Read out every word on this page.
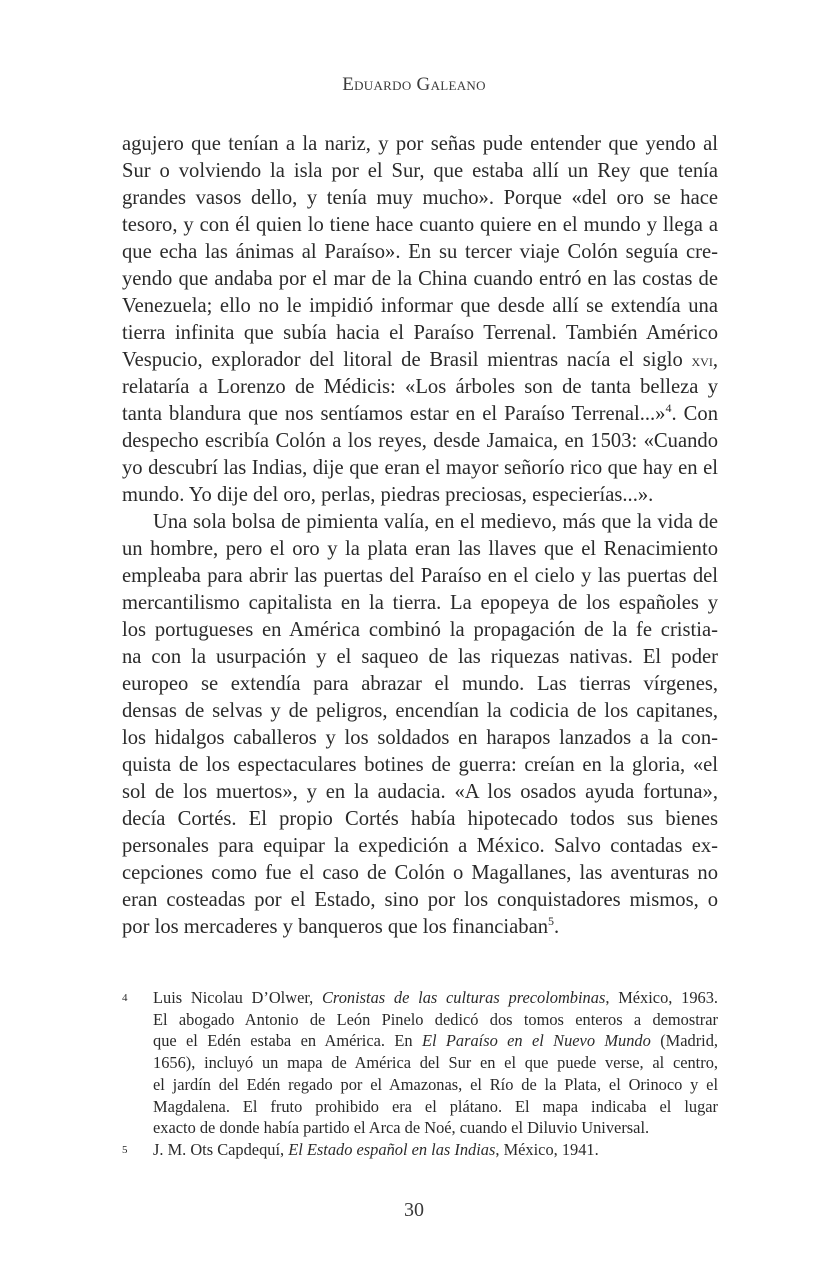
Eduardo Galeano

agujero que tenían a la nariz, y por señas pude entender que yendo al
Sur o volviendo la isla por el Sur, que estaba allí un Rey que tenía
grandes vasos dello, y tenía muy mucho». Porque «del oro se hace
tesoro, y con él quien lo tiene hace cuanto quiere en el mundo y llega a
que echa las ánimas al Paraíso». En su tercer viaje Colón seguía cre-
yendo que andaba por el mar de la China cuando entró en las costas de
Venezuela; ello no le impidió informar que desde allí se extendía una
tierra infinita que subía hacia el Paraíso Terrenal. También Américo
Vespucio, explorador del litoral de Brasil mientras nacía el siglo xvi,
relataría a Lorenzo de Médicis: «Los árboles son de tanta belleza y
tanta blandura que nos sentíamos estar en el Paraíso Terrenal...»$^4$. Con
despecho escribía Colón a los reyes, desde Jamaica, en 1503: «Cuando
yo descubrí las Indias, dije que eran el mayor señorío rico que hay en el
mundo. Yo dije del oro, perlas, piedras preciosas, especierías...».

Una sola bolsa de pimienta valía, en el medievo, más que la vida de
un hombre, pero el oro y la plata eran las llaves que el Renacimiento
empleaba para abrir las puertas del Paraíso en el cielo y las puertas del
mercantilismo capitalista en la tierra. La epopeya de los españoles y
los portugueses en América combinó la propagación de la fe cristia-
na con la usurpación y el saqueo de las riquezas nativas. El poder
europeo se extendía para abrazar el mundo. Las tierras vírgenes,
densas de selvas y de peligros, encendían la codicia de los capitanes,
los hidalgos caballeros y los soldados en harapos lanzados a la con-
quista de los espectaculares botines de guerra: creían en la gloria, «el
sol de los muertos», y en la audacia. «A los osados ayuda fortuna»,
decía Cortés. El propio Cortés había hipotecado todos sus bienes
personales para equipar la expedición a México. Salvo contadas ex-
cepciones como fue el caso de Colón o Magallanes, las aventuras no
eran costeadas por el Estado, sino por los conquistadores mismos, o
por los mercaderes y banqueros que los financiaban$^5$.

4 Luis Nicolau D’Olwer, Cronistas de las culturas precolombinas, México, 1963.
El abogado Antonio de León Pinelo dedicó dos tomos enteros a demostrar
que el Edén estaba en América. En El Paraíso en el Nuevo Mundo (Madrid,
1656), incluyó un mapa de América del Sur en el que puede verse, al centro,
el jardín del Edén regado por el Amazonas, el Río de la Plata, el Orinoco y el
Magdalena. El fruto prohibido era el plátano. El mapa indicaba el lugar
exacto de donde había partido el Arca de Noé, cuando el Diluvio Universal.
5 J. M. Ots Capdequí, El Estado español en las Indias, México, 1941.
30
